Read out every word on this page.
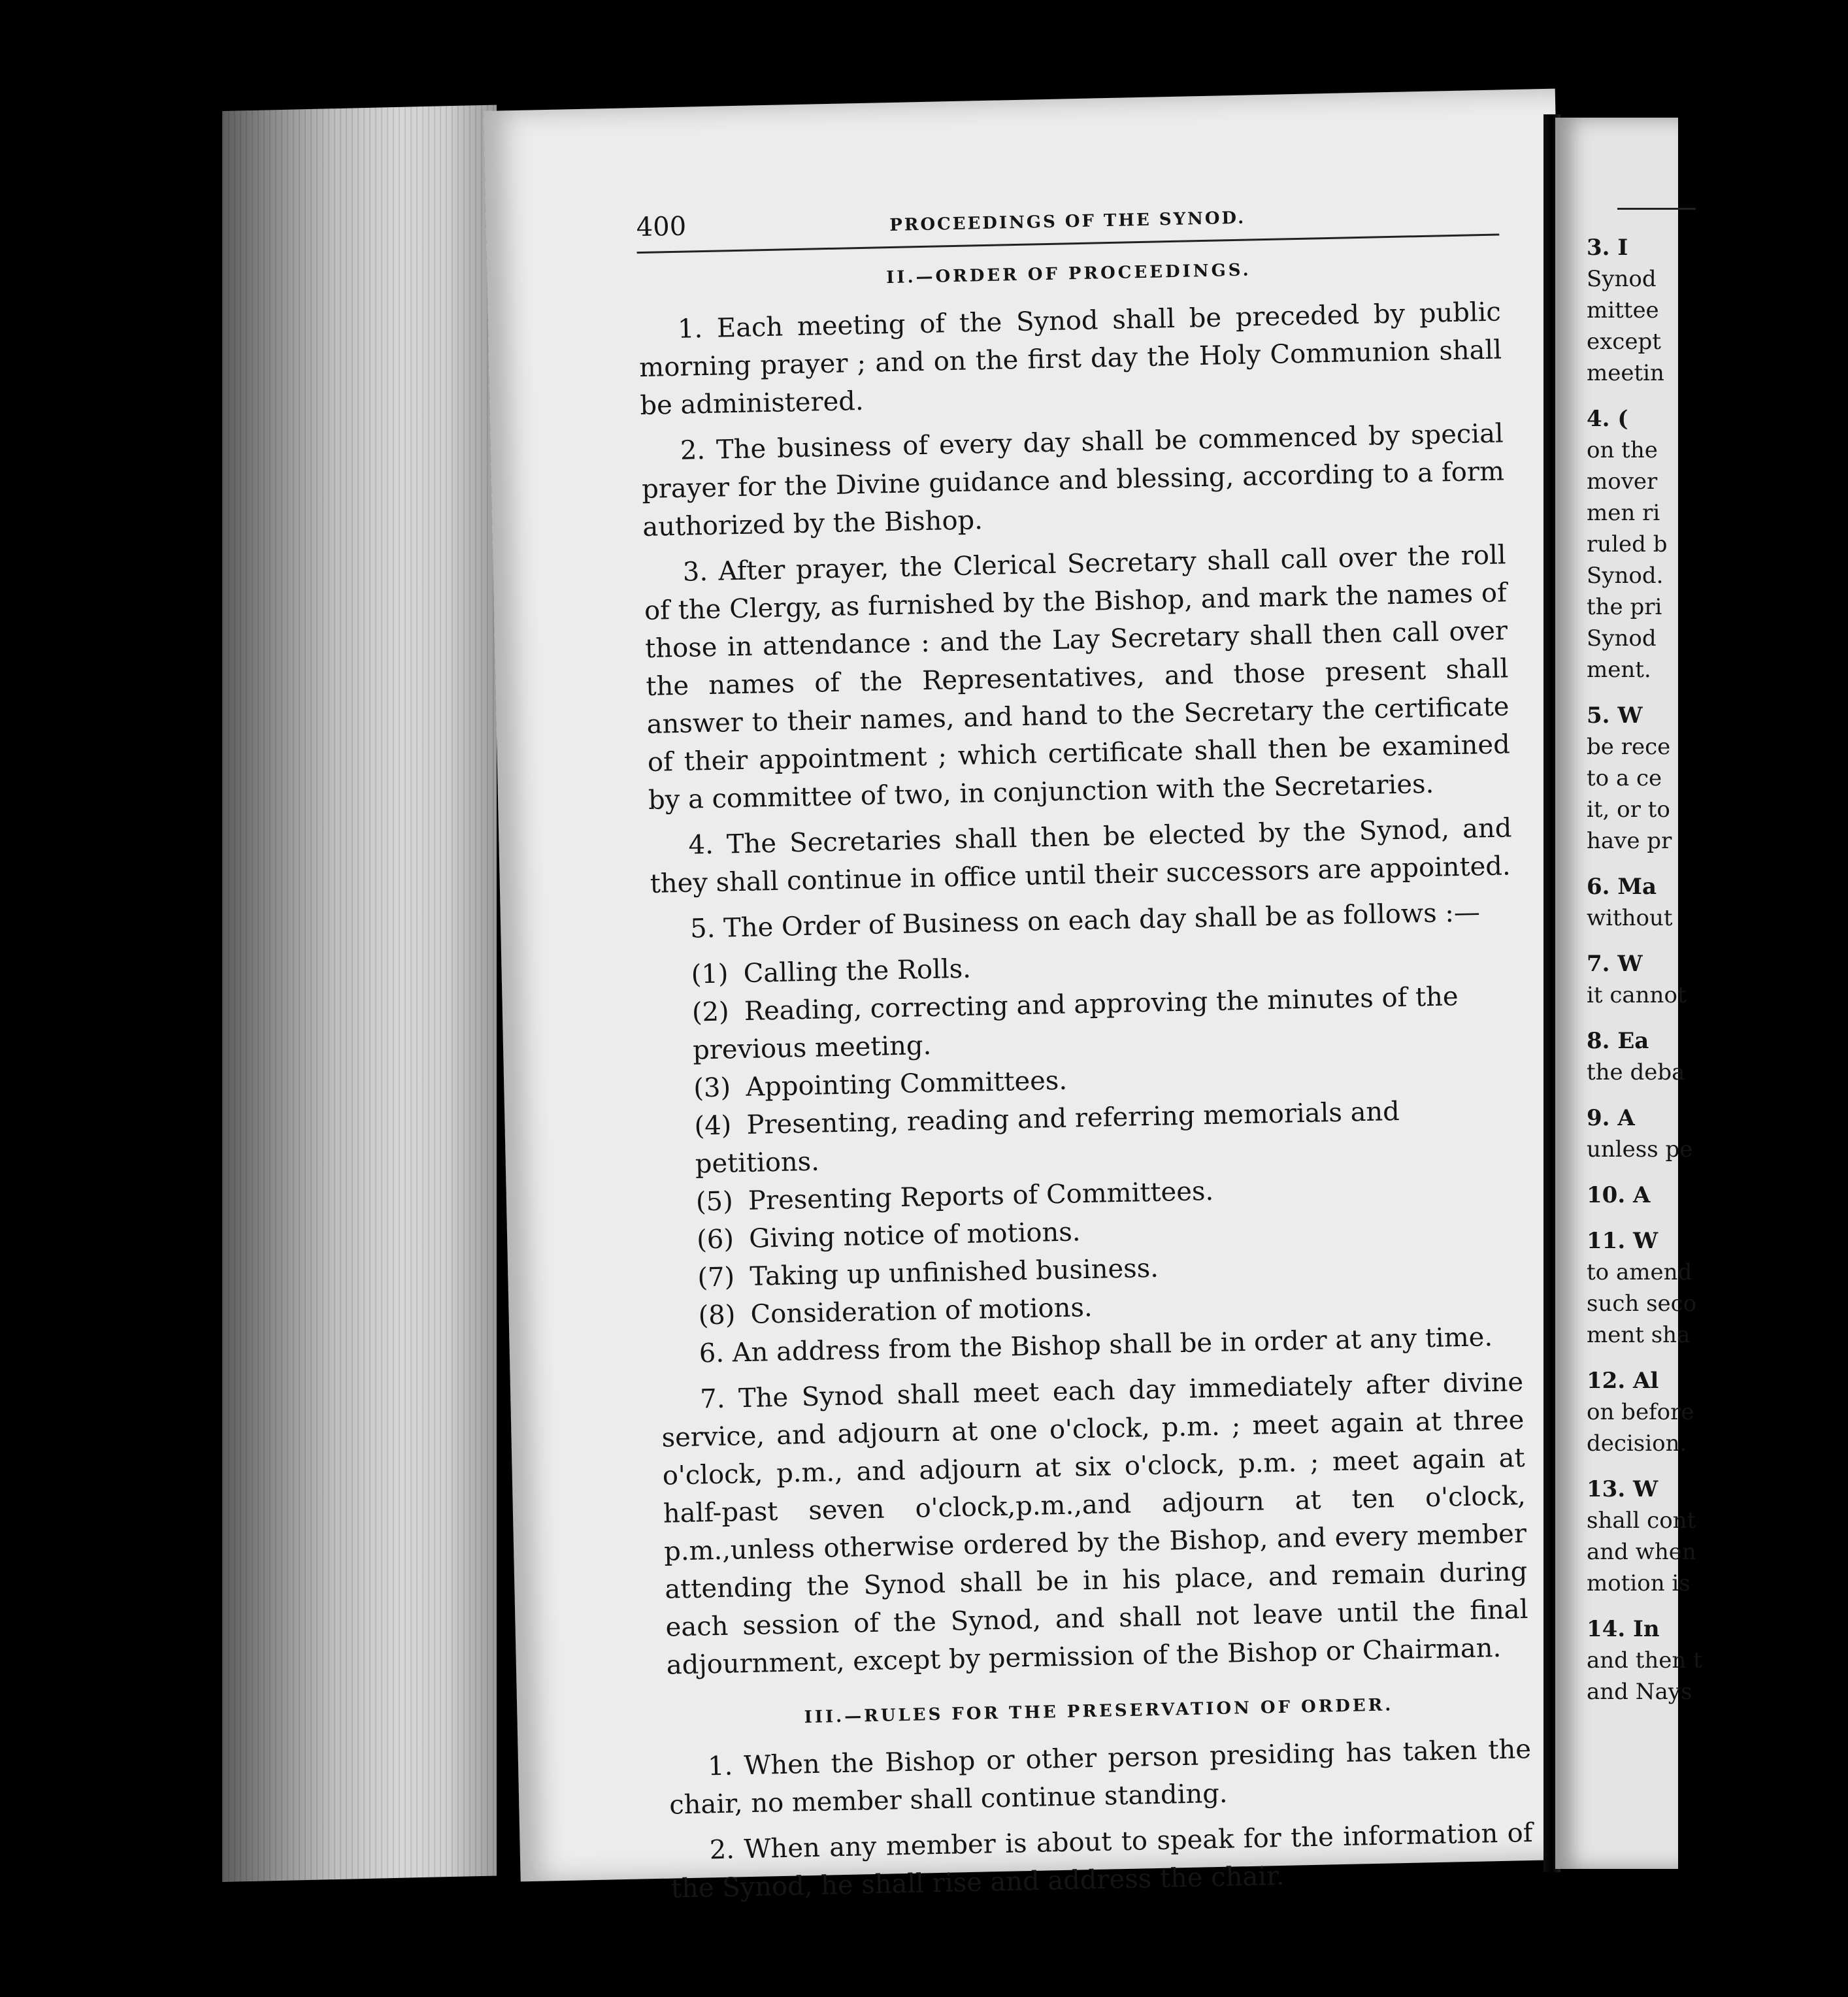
400	PROCEEDINGS OF THE SYNOD.
II.—ORDER OF PROCEEDINGS.

1. Each meeting of the Synod shall be preceded by public morning prayer ; and on the first day the Holy Communion shall be administered.

2. The business of every day shall be commenced by special prayer for the Divine guidance and blessing, according to a form authorized by the Bishop.

3. After prayer, the Clerical Secretary shall call over the roll of the Clergy, as furnished by the Bishop, and mark the names of those in attendance : and the Lay Secretary shall then call over the names of the Representatives, and those present shall answer to their names, and hand to the Secretary the certificate of their appointment ; which certificate shall then be examined by a committee of two, in conjunction with the Secretaries.

4. The Secretaries shall then be elected by the Synod, and they shall continue in office until their successors are appointed.

5. The Order of Business on each day shall be as follows :—

(1) Calling the Rolls.
(2) Reading, correcting and approving the minutes of the previous meeting.
(3) Appointing Committees.
(4) Presenting, reading and referring memorials and petitions.
(5) Presenting Reports of Committees.
(6) Giving notice of motions.
(7) Taking up unfinished business.
(8) Consideration of motions.

6. An address from the Bishop shall be in order at any time.

7. The Synod shall meet each day immediately after divine service, and adjourn at one o'clock, p.m. ; meet again at three o'clock, p.m., and adjourn at six o'clock, p.m. ; meet again at half-past seven o'clock,p.m.,and adjourn at ten o'clock, p.m.,unless otherwise ordered by the Bishop, and every member attending the Synod shall be in his place, and remain during each session of the Synod, and shall not leave until the final adjournment, except by permission of the Bishop or Chairman.

III.—RULES FOR THE PRESERVATION OF ORDER.

1. When the Bishop or other person presiding has taken the chair, no member shall continue standing.

2. When any member is about to speak for the information of the Synod, he shall rise and address the chair.

3. I
Synod
mittee
except
meetin
4. (
on the
mover
men ri
ruled b
Synod.
the pri
Synod
ment.
5. W
be rece
to a ce
it, or to
have pr
6. Ma
without
7. W
it cannot
8. Ea
the deba
9. A
unless pe
10. A
11. W
to amend
such seco
ment sha
12. Al
on before
decision.
13. W
shall cont
and when
motion is
14. In
and then t
and Nays
